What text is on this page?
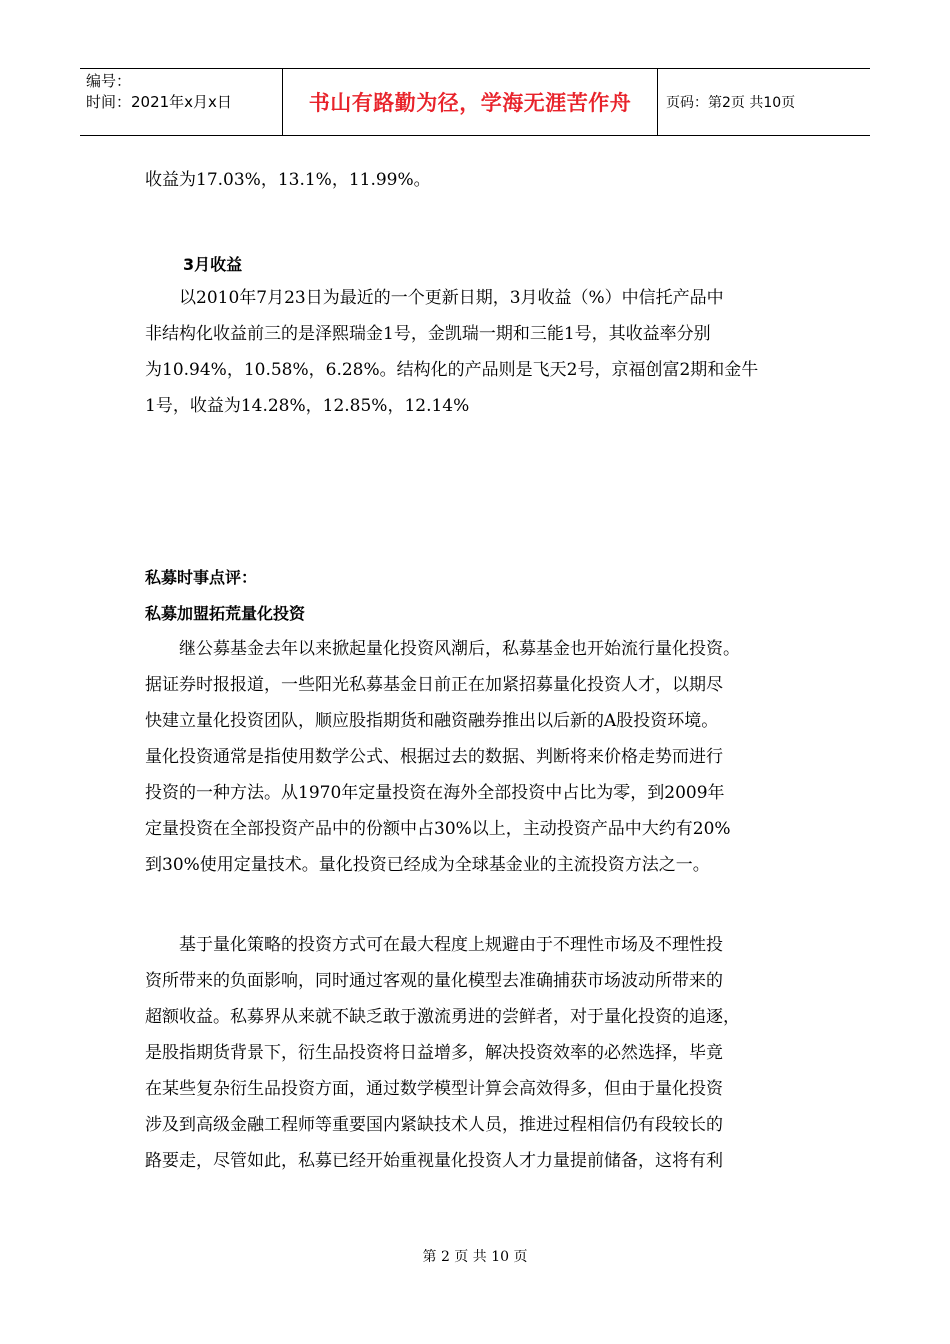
编号：
时间：2021年x月x日	书山有路勤为径，学海无涯苦作舟 页码：第2页 共10页

收益为17.03%，13.1%，11.99%。

3月收益

以2010年7月23日为最近的一个更新日期，3月收益（%）中信托产品中

非结构化收益前三的是泽熙瑞金1号，金凯瑞一期和三能1号，其收益率分别

为10.94%，10.58%，6.28%。结构化的产品则是飞天2号，京福创富2期和金牛

1号，收益为14.28%，12.85%，12.14%

私募时事点评：

私募加盟拓荒量化投资

继公募基金去年以来掀起量化投资风潮后，私募基金也开始流行量化投资。

据证券时报报道，一些阳光私募基金日前正在加紧招募量化投资人才，以期尽

快建立量化投资团队，顺应股指期货和融资融券推出以后新的A股投资环境。

量化投资通常是指使用数学公式、根据过去的数据、判断将来价格走势而进行

投资的一种方法。从1970年定量投资在海外全部投资中占比为零，到2009年

定量投资在全部投资产品中的份额中占30%以上，主动投资产品中大约有20%

到30%使用定量技术。量化投资已经成为全球基金业的主流投资方法之一。

基于量化策略的投资方式可在最大程度上规避由于不理性市场及不理性投

资所带来的负面影响，同时通过客观的量化模型去准确捕获市场波动所带来的

超额收益。私募界从来就不缺乏敢于激流勇进的尝鲜者，对于量化投资的追逐，

是股指期货背景下，衍生品投资将日益增多，解决投资效率的必然选择，毕竟

在某些复杂衍生品投资方面，通过数学模型计算会高效得多，但由于量化投资

涉及到高级金融工程师等重要国内紧缺技术人员，推进过程相信仍有段较长的

路要走，尽管如此，私募已经开始重视量化投资人才力量提前储备，这将有利

第 2 页 共 10 页
